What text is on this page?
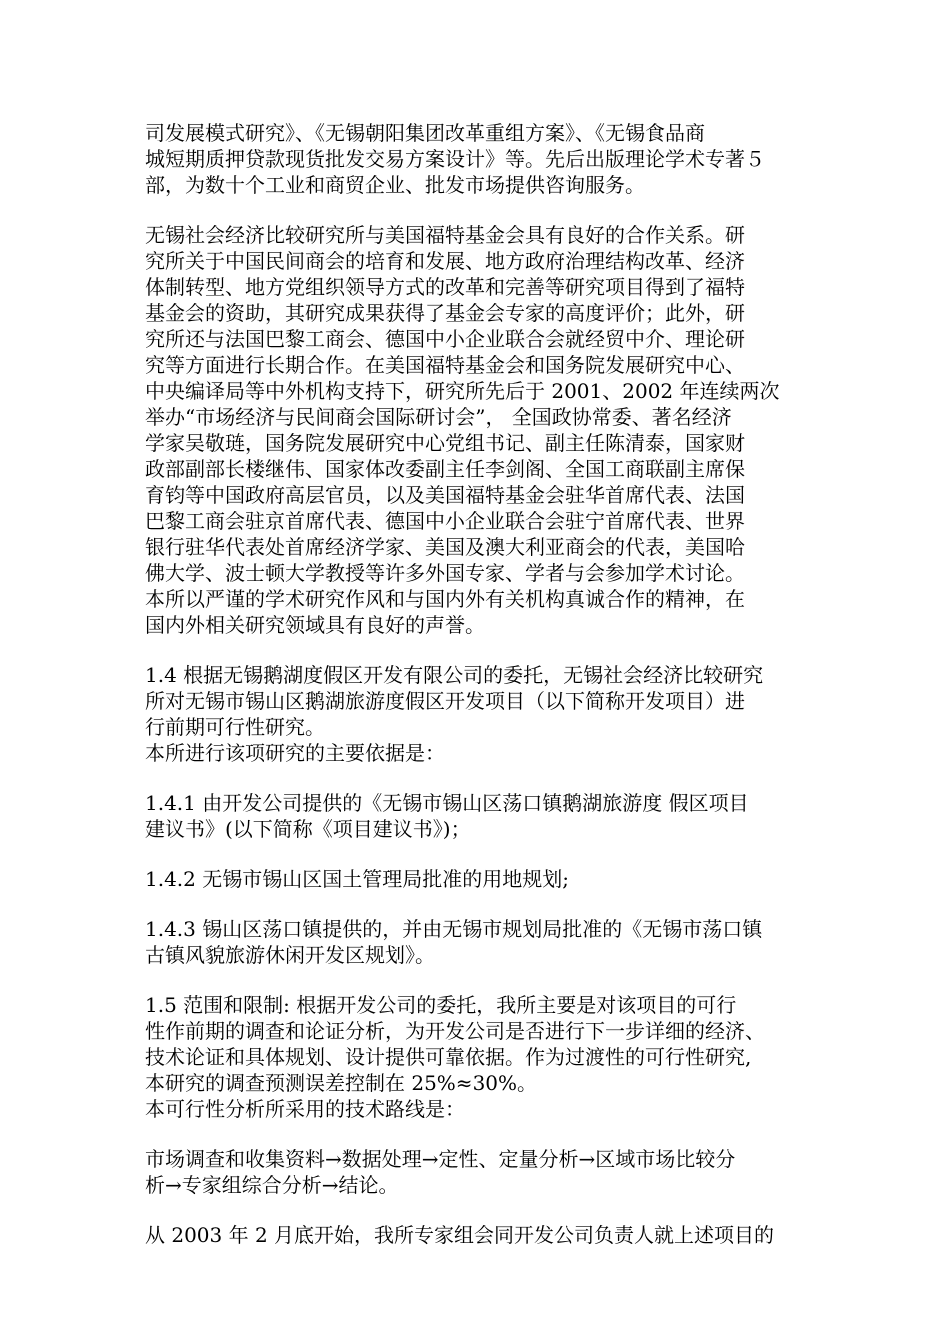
司发展模式研究》、《无锡朝阳集团改革重组方案》、《无锡食品商
城短期质押贷款现货批发交易方案设计》等。先后出版理论学术专著５
部，为数十个工业和商贸企业、批发市场提供咨询服务。
无锡社会经济比较研究所与美国福特基金会具有良好的合作关系。研
究所关于中国民间商会的培育和发展、地方政府治理结构改革、经济
体制转型、地方党组织领导方式的改革和完善等研究项目得到了福特
基金会的资助，其研究成果获得了基金会专家的高度评价；此外，研
究所还与法国巴黎工商会、德国中小企业联合会就经贸中介、理论研
究等方面进行长期合作。在美国福特基金会和国务院发展研究中心、
中央编译局等中外机构支持下，研究所先后于 2001、2002 年连续两次
举办“市场经济与民间商会国际研讨会”， 全国政协常委、著名经济
学家吴敬琏，国务院发展研究中心党组书记、副主任陈清泰，国家财
政部副部长楼继伟、国家体改委副主任李剑阁、全国工商联副主席保
育钧等中国政府高层官员，以及美国福特基金会驻华首席代表、法国
巴黎工商会驻京首席代表、德国中小企业联合会驻宁首席代表、世界
银行驻华代表处首席经济学家、美国及澳大利亚商会的代表，美国哈
佛大学、波士顿大学教授等许多外国专家、学者与会参加学术讨论。
本所以严谨的学术研究作风和与国内外有关机构真诚合作的精神，在
国内外相关研究领域具有良好的声誉。
1.4 根据无锡鹅湖度假区开发有限公司的委托，无锡社会经济比较研究
所对无锡市锡山区鹅湖旅游度假区开发项目（以下简称开发项目）进
行前期可行性研究。
本所进行该项研究的主要依据是：
1.4.1 由开发公司提供的《无锡市锡山区荡口镇鹅湖旅游度 假区项目
建议书》(以下简称《项目建议书》)；
1.4.2 无锡市锡山区国土管理局批准的用地规划;
1.4.3 锡山区荡口镇提供的，并由无锡市规划局批准的《无锡市荡口镇
古镇风貌旅游休闲开发区规划》。
1.5 范围和限制: 根据开发公司的委托，我所主要是对该项目的可行
性作前期的调查和论证分析，为开发公司是否进行下一步详细的经济、
技术论证和具体规划、设计提供可靠依据。作为过渡性的可行性研究,
本研究的调查预测误差控制在 25%≈30%。
本可行性分析所采用的技术路线是：
市场调查和收集资料→数据处理→定性、定量分析→区域市场比较分
析→专家组综合分析→结论。
从 2003 年 2 月底开始，我所专家组会同开发公司负责人就上述项目的
